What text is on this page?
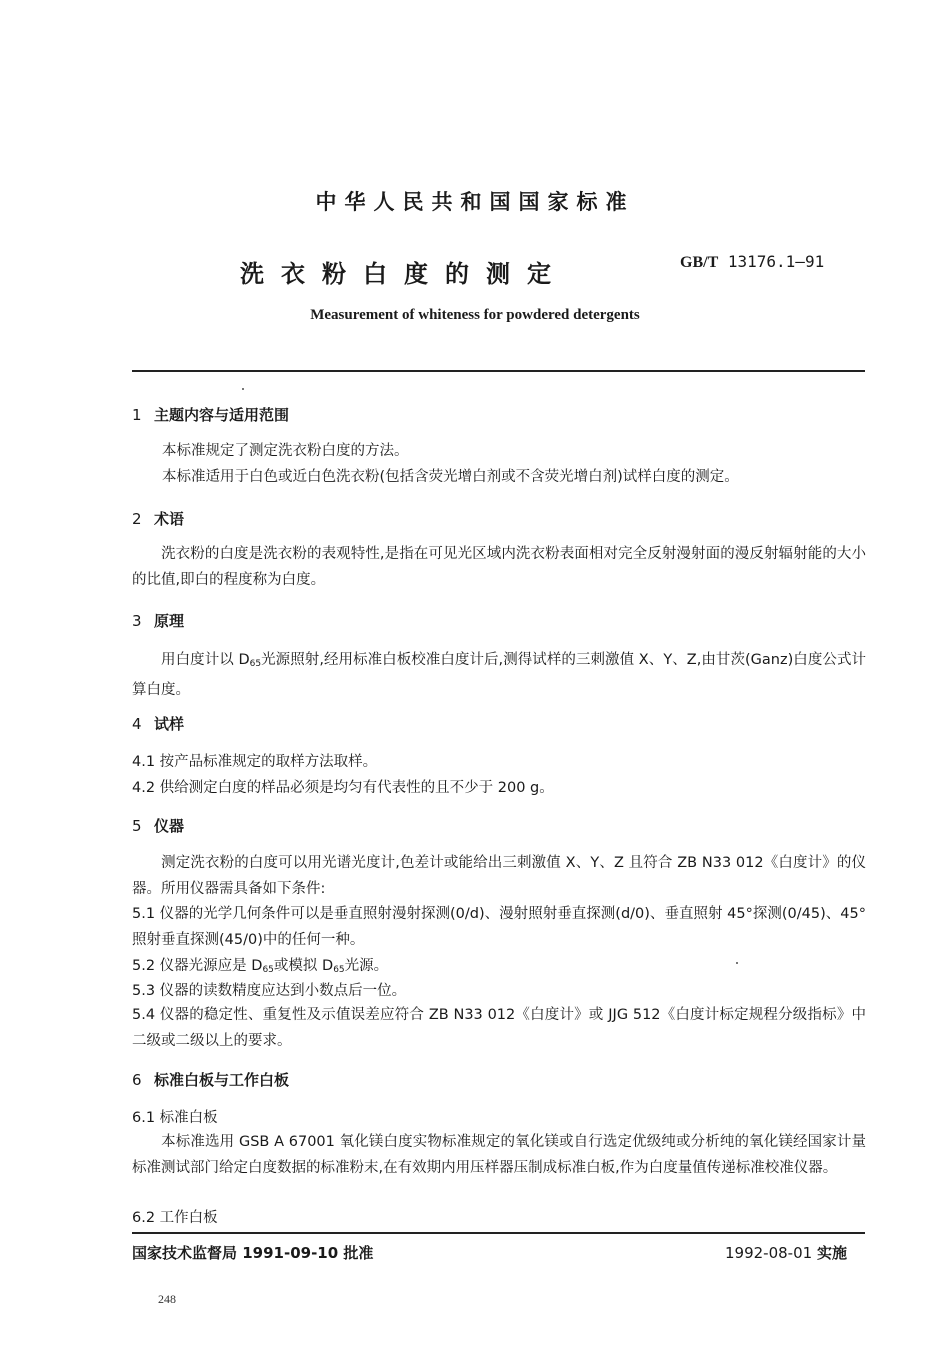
中华人民共和国国家标准
洗衣粉白度的测定	GB/T 13176.1—91
Measurement of whiteness for powdered detergents
1 主题内容与适用范围
本标准规定了测定洗衣粉白度的方法。
本标准适用于白色或近白色洗衣粉(包括含荧光增白剂或不含荧光增白剂)试样白度的测定。
2 术语
洗衣粉的白度是洗衣粉的表观特性,是指在可见光区域内洗衣粉表面相对完全反射漫射面的漫反射辐射能的大小的比值,即白的程度称为白度。
3 原理
用白度计以 $D_{65}$光源照射,经用标准白板校准白度计后,测得试样的三刺激值 X、Y、Z,由甘茨(Ganz)白度公式计算白度。
4 试样
4.1 按产品标准规定的取样方法取样。
4.2 供给测定白度的样品必须是均匀有代表性的且不少于 200 g。
5 仪器
测定洗衣粉的白度可以用光谱光度计,色差计或能给出三刺激值 X、Y、Z 且符合 ZB N33 012《白度计》的仪器。所用仪器需具备如下条件:
5.1 仪器的光学几何条件可以是垂直照射漫射探测(0/d)、漫射照射垂直探测(d/0)、垂直照射 45°探测(0/45)、45°照射垂直探测(45/0)中的任何一种。
5.2 仪器光源应是 $D_{65}$或模拟 $D_{65}$光源。
5.3 仪器的读数精度应达到小数点后一位。
5.4 仪器的稳定性、重复性及示值误差应符合 ZB N33 012《白度计》或 JJG 512《白度计标定规程分级指标》中二级或二级以上的要求。
6 标准白板与工作白板
6.1 标准白板
本标准选用 GSB A 67001 氧化镁白度实物标准规定的氧化镁或自行选定优级纯或分析纯的氧化镁经国家计量标准测试部门给定白度数据的标准粉末,在有效期内用压样器压制成标准白板,作为白度量值传递标准校准仪器。
6.2 工作白板
国家技术监督局 1991-09-10 批准	1992-08-01 实施
248
